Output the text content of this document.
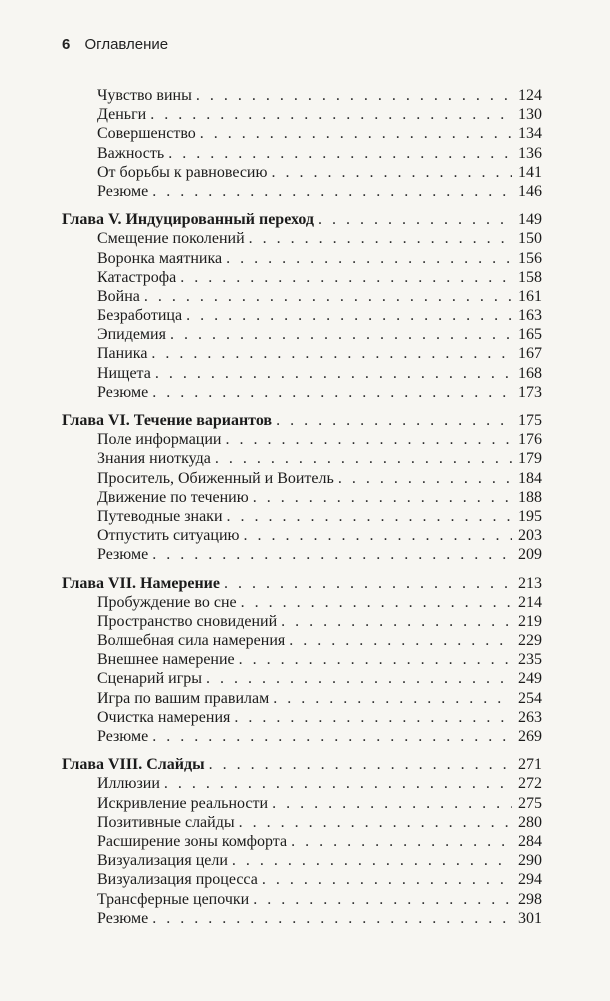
6 Оглавление
Чувство вины . . .	124
Деньги . . .	130
Совершенство . . .	134
Важность . . .	136
От борьбы к равновесию . . .	141
Резюме . . .	146
Глава V. Индуцированный переход . . .	149
Смещение поколений . . .	150
Воронка маятника . . .	156
Катастрофа . . .	158
Война . . .	161
Безработица . . .	163
Эпидемия . . .	165
Паника . . .	167
Нищета . . .	168
Резюме . . .	173
Глава VI. Течение вариантов . . .	175
Поле информации . . .	176
Знания ниоткуда . . .	179
Проситель, Обиженный и Воитель . . .	184
Движение по течению . . .	188
Путеводные знаки . . .	195
Отпустить ситуацию . . .	203
Резюме . . .	209
Глава VII. Намерение . . .	213
Пробуждение во сне . . .	214
Пространство сновидений . . .	219
Волшебная сила намерения . . .	229
Внешнее намерение . . .	235
Сценарий игры . . .	249
Игра по вашим правилам . . .	254
Очистка намерения . . .	263
Резюме . . .	269
Глава VIII. Слайды . . .	271
Иллюзии . . .	272
Искривление реальности . . .	275
Позитивные слайды . . .	280
Расширение зоны комфорта . . .	284
Визуализация цели . . .	290
Визуализация процесса . . .	294
Трансферные цепочки . . .	298
Резюме . . .	301
